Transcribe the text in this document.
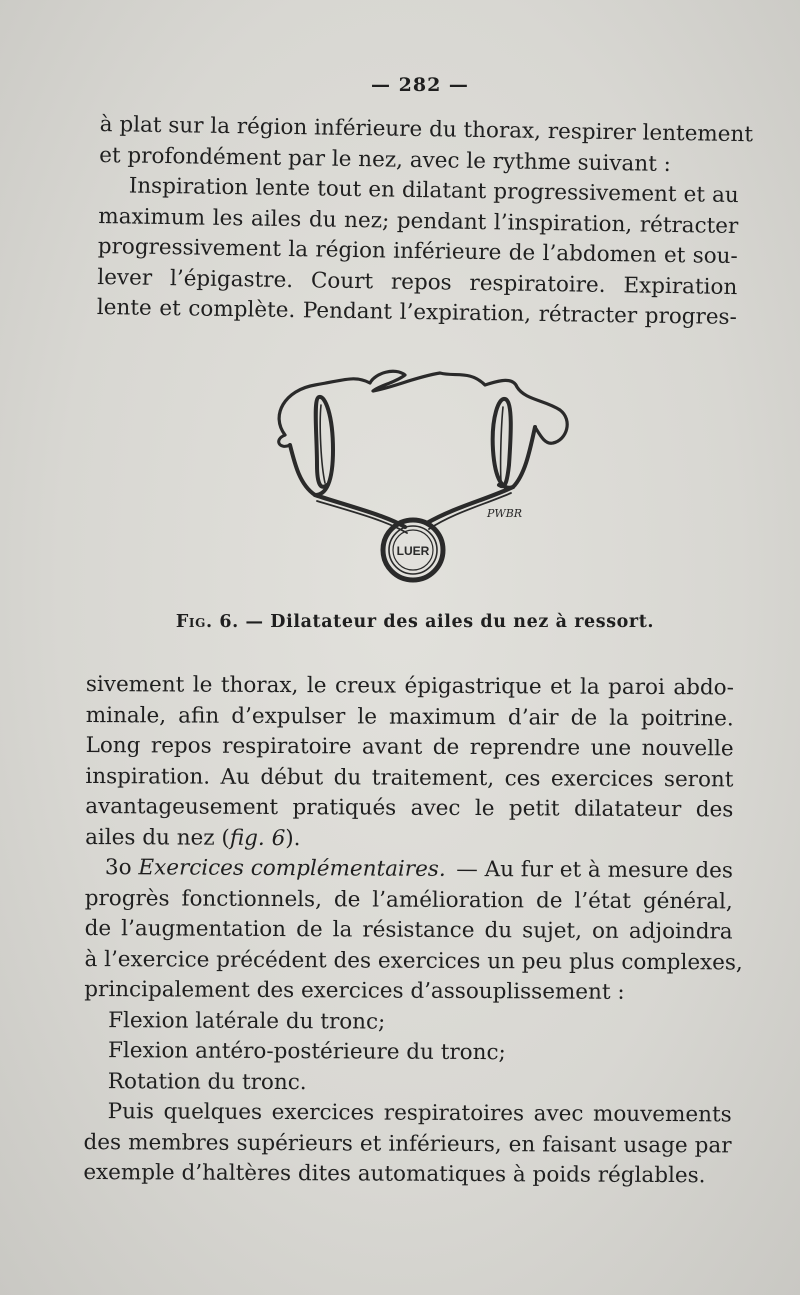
— 282 —
à plat sur la région inférieure du thorax, respirer lentement
et profondément par le nez, avec le rythme suivant :
Inspiration lente tout en dilatant progressivement et au
maximum les ailes du nez; pendant l’inspiration, rétracter
progressivement la région inférieure de l’abdomen et sou-
lever l’épigastre. Court repos respiratoire. Expiration
lente et complète. Pendant l’expiration, rétracter progres-
LUER
PWBR
Fig. 6. — Dilatateur des ailes du nez à ressort.
sivement le thorax, le creux épigastrique et la paroi abdo-
minale, afin d’expulser le maximum d’air de la poitrine.
Long repos respiratoire avant de reprendre une nouvelle
inspiration. Au début du traitement, ces exercices seront
avantageusement pratiqués avec le petit dilatateur des
ailes du nez (fig. 6).
3o Exercices complémentaires. — Au fur et à mesure des
progrès fonctionnels, de l’amélioration de l’état général,
de l’augmentation de la résistance du sujet, on adjoindra
à l’exercice précédent des exercices un peu plus complexes,
principalement des exercices d’assouplissement :
Flexion latérale du tronc;
Flexion antéro-postérieure du tronc;
Rotation du tronc.
Puis quelques exercices respiratoires avec mouvements
des membres supérieurs et inférieurs, en faisant usage par
exemple d’haltères dites automatiques à poids réglables.
